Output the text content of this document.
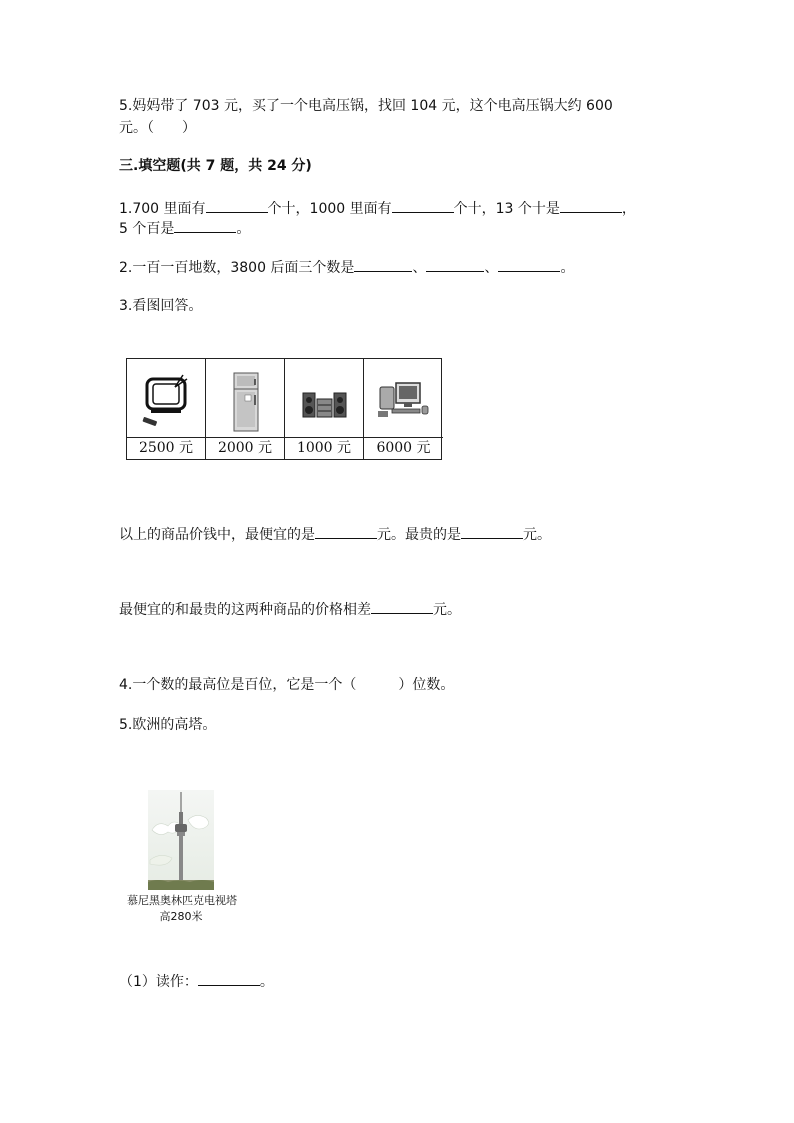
5.妈妈带了 703 元，买了一个电高压锅，找回 104 元，这个电高压锅大约 600
元。（　　）
三.填空题(共 7 题，共 24 分)
1.700 里面有	个十，1000 里面有	个十，13 个十是	，
5 个百是	。
2.一百一百地数，3800 后面三个数是	、	、	。
3.看图回答。
2500 元	2000 元	1000 元	6000 元
以上的商品价钱中，最便宜的是	元。最贵的是	元。
最便宜的和最贵的这两种商品的价格相差	元。
4.一个数的最高位是百位，它是一个（　　　）位数。
5.欧洲的高塔。
慕尼黑奥林匹克电视塔
高280米
（1）读作：	。
